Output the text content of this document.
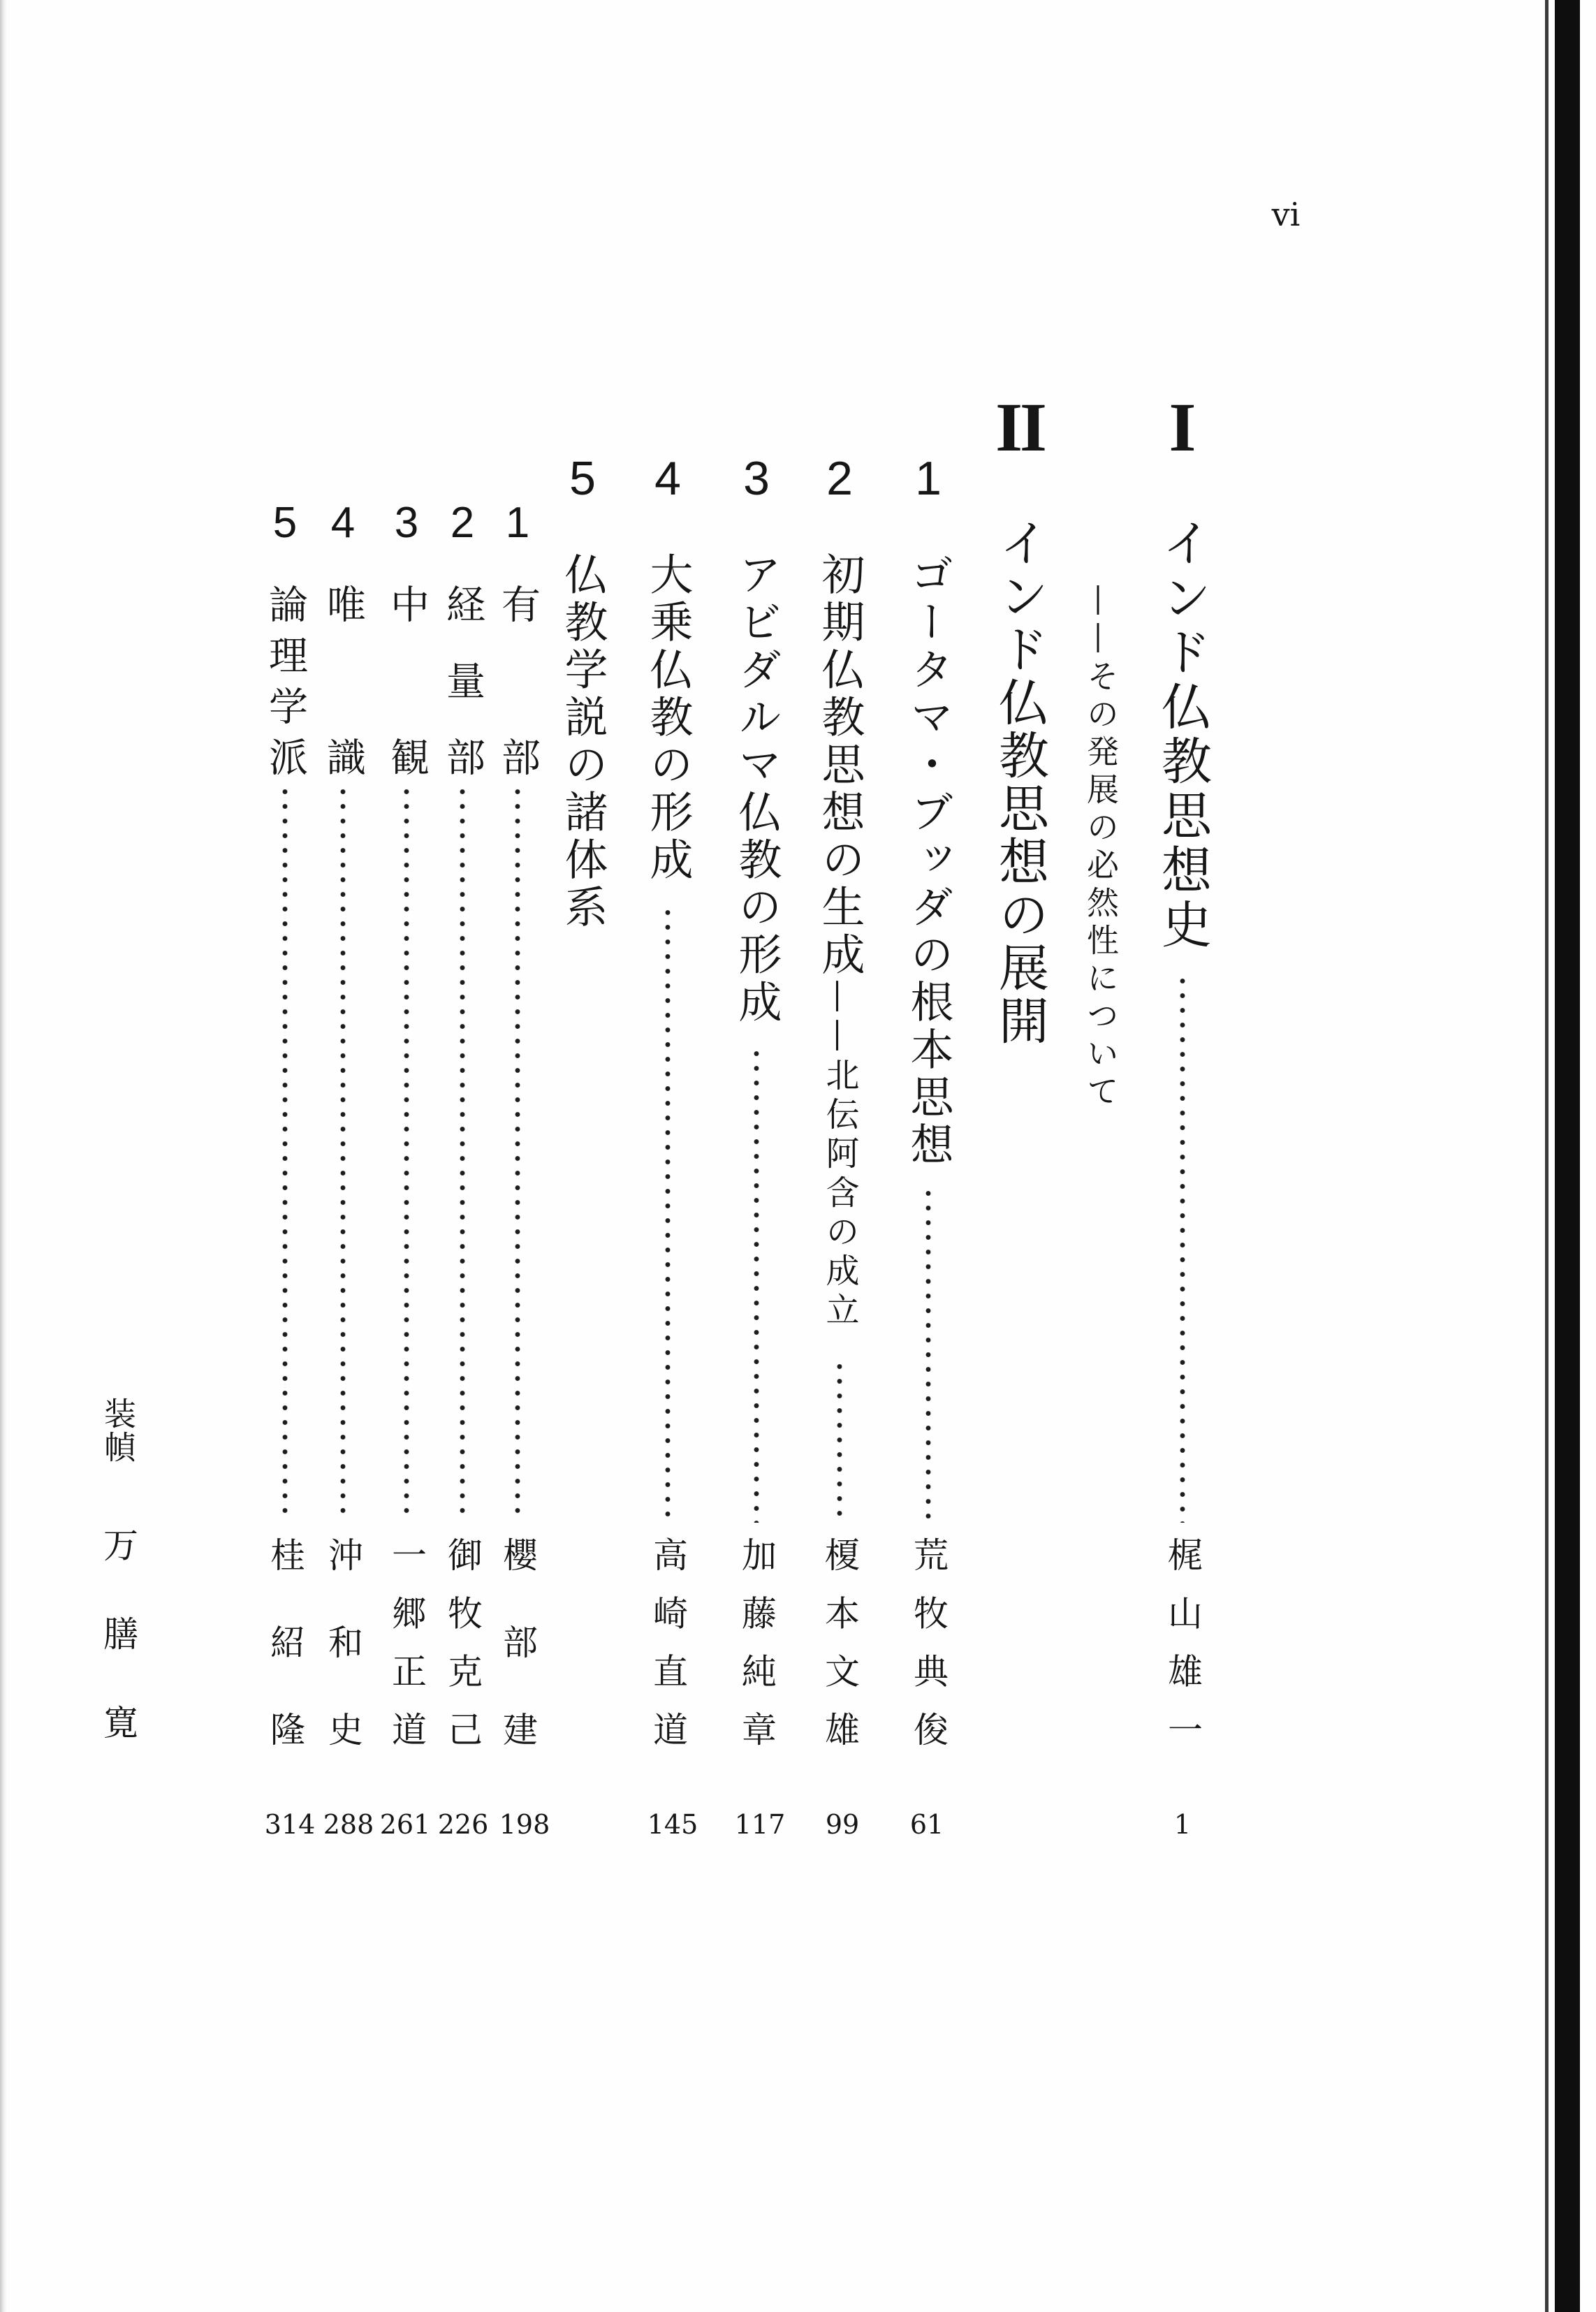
vi
I
インド仏教思想史
梶山雄一
——その発展の必然性について
1
II
インド仏教思想の展開
1
2
3
4
5
ゴータマ・ブッダの根本思想
荒牧典俊
61
初期仏教思想の生成——北伝阿含の成立
榎本文雄
99
アビダルマ仏教の形成
加藤純章
117
大乗仏教の形成
高崎直道
145
仏教学説の諸体系
1
2
3
4
5
有部
櫻部建
198
経量部
御牧克己
226
中観
一郷正道
261
唯識
沖和史
288
論理学派
桂紹隆
314
装幀
万膳寛
